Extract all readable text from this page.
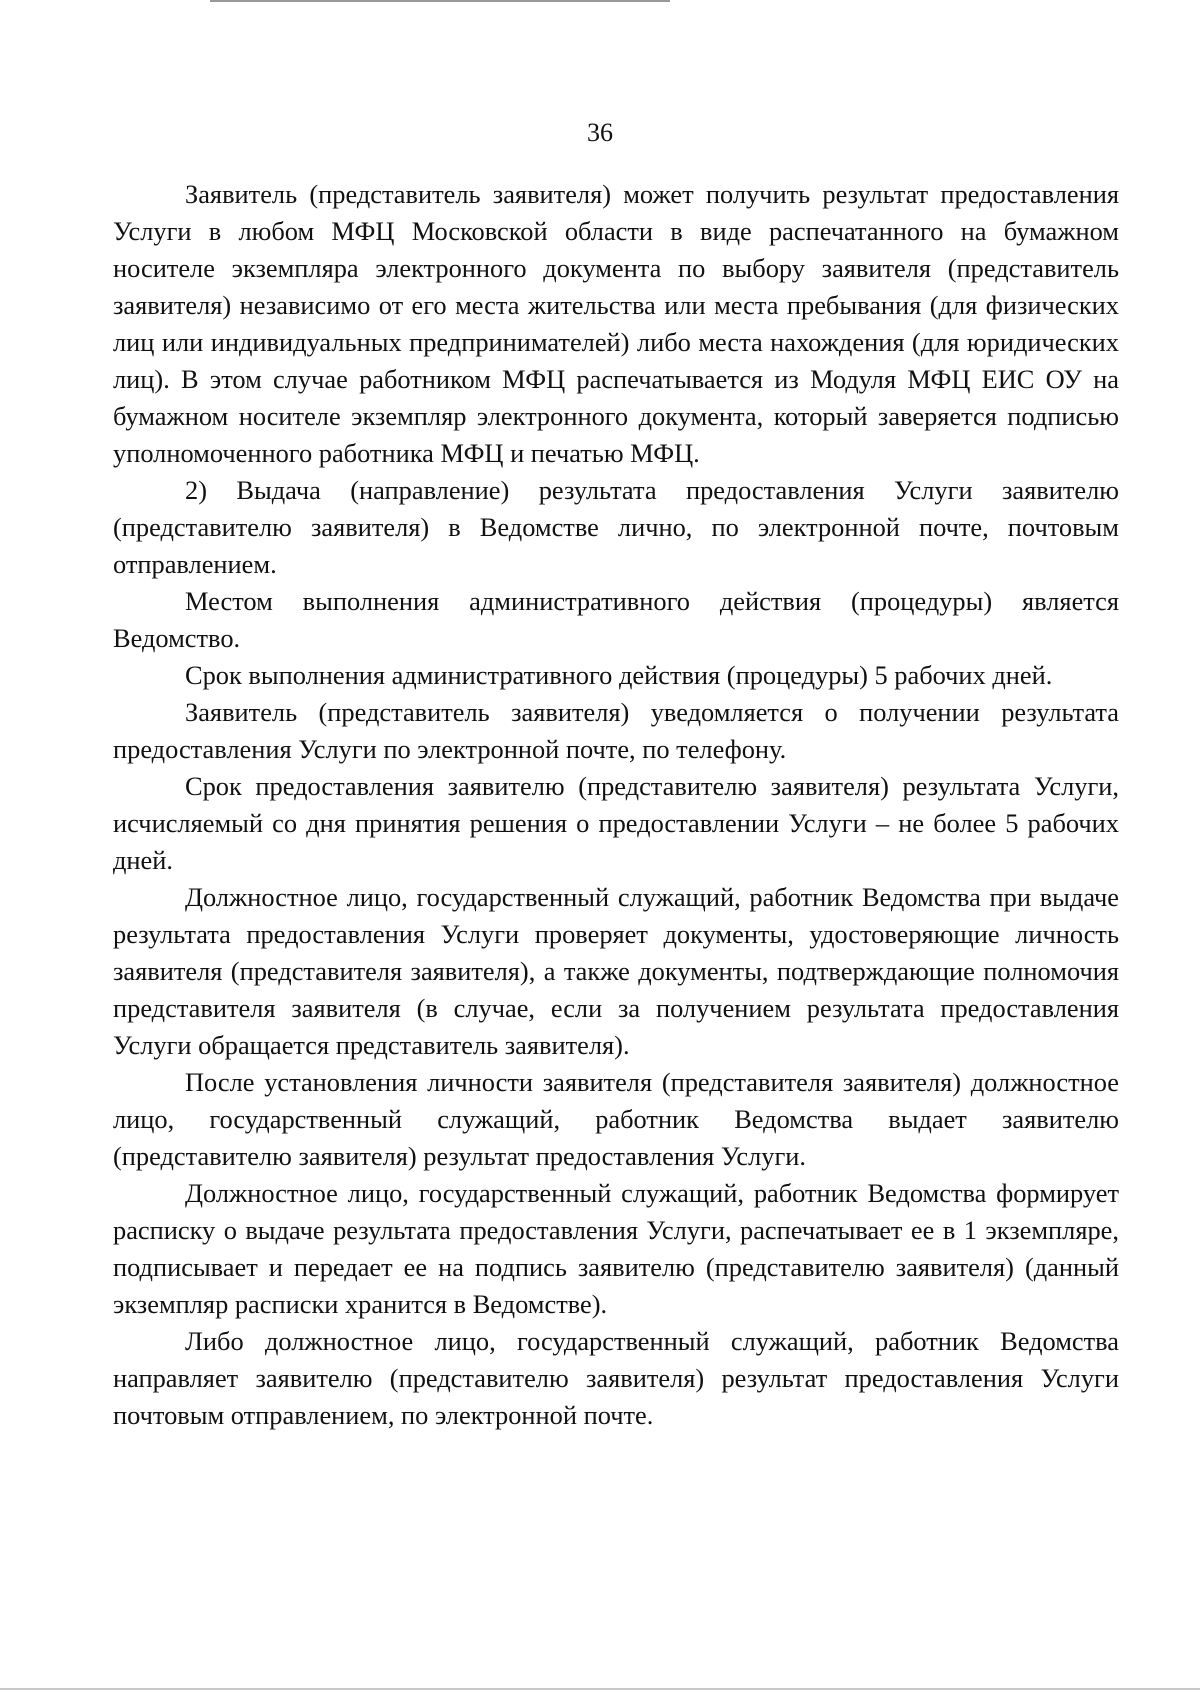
36

Заявитель (представитель заявителя) может получить результат предоставления Услуги в любом МФЦ Московской области в виде распечатанного на бумажном носителе экземпляра электронного документа по выбору заявителя (представитель заявителя) независимо от его места жительства или места пребывания (для физических лиц или индивидуальных предпринимателей) либо места нахождения (для юридических лиц). В этом случае работником МФЦ распечатывается из Модуля МФЦ ЕИС ОУ на бумажном носителе экземпляр электронного документа, который заверяется подписью уполномоченного работника МФЦ и печатью МФЦ.

2) Выдача (направление) результата предоставления Услуги заявителю (представителю заявителя) в Ведомстве лично, по электронной почте, почтовым отправлением.

Местом выполнения административного действия (процедуры) является Ведомство.

Срок выполнения административного действия (процедуры) 5 рабочих дней.

Заявитель (представитель заявителя) уведомляется о получении результата предоставления Услуги по электронной почте, по телефону.

Срок предоставления заявителю (представителю заявителя) результата Услуги, исчисляемый со дня принятия решения о предоставлении Услуги – не более 5 рабочих дней.

Должностное лицо, государственный служащий, работник Ведомства при выдаче результата предоставления Услуги проверяет документы, удостоверяющие личность заявителя (представителя заявителя), а также документы, подтверждающие полномочия представителя заявителя (в случае, если за получением результата предоставления Услуги обращается представитель заявителя).

После установления личности заявителя (представителя заявителя) должностное лицо, государственный служащий, работник Ведомства выдает заявителю (представителю заявителя) результат предоставления Услуги.

Должностное лицо, государственный служащий, работник Ведомства формирует расписку о выдаче результата предоставления Услуги, распечатывает ее в 1 экземпляре, подписывает и передает ее на подпись заявителю (представителю заявителя) (данный экземпляр расписки хранится в Ведомстве).

Либо должностное лицо, государственный служащий, работник Ведомства направляет заявителю (представителю заявителя) результат предоставления Услуги почтовым отправлением, по электронной почте.
